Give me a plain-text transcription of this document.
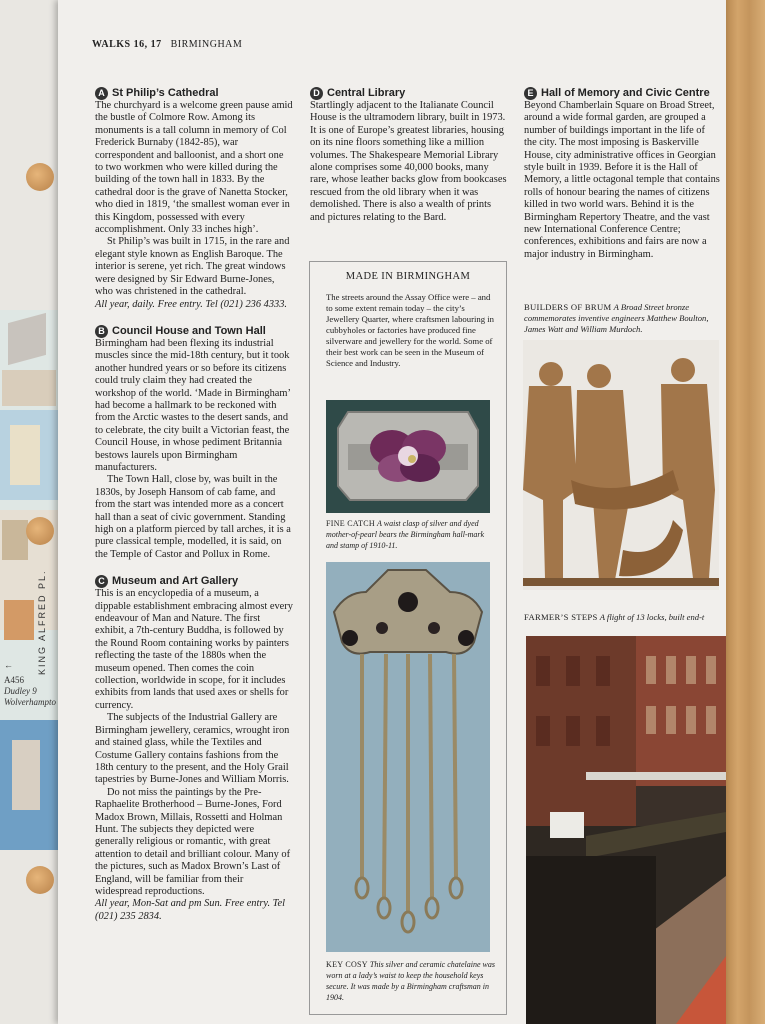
KING ALFRED PL.
←
A456
Dudley 9
Wolverhampto
WALKS 16, 17 BIRMINGHAM
A St Philip’s Cathedral

The churchyard is a welcome green pause amid the bustle of Colmore Row. Among its monuments is a tall column in memory of Col Frederick Burnaby (1842-85), war correspondent and balloonist, and a short one to two workmen who were killed during the building of the town hall in 1833. By the cathedral door is the grave of Nanetta Stocker, who died in 1819, ‘the smallest woman ever in this Kingdom, possessed with every accomplishment. Only 33 inches high’.

St Philip’s was built in 1715, in the rare and elegant style known as English Baroque. The interior is serene, yet rich. The great windows were designed by Sir Edward Burne-Jones, who was christened in the cathedral.

All year, daily. Free entry. Tel (021) 236 4333.

B Council House and Town Hall

Birmingham had been flexing its industrial muscles since the mid-18th century, but it took another hundred years or so before its citizens could truly claim they had created the workshop of the world. ‘Made in Birmingham’ had become a hallmark to be reckoned with from the Arctic wastes to the desert sands, and to celebrate, the city built a Victorian feast, the Council House, in whose pediment Britannia bestows laurels upon Birmingham manufacturers.

The Town Hall, close by, was built in the 1830s, by Joseph Hansom of cab fame, and from the start was intended more as a concert hall than a seat of civic government. Standing high on a platform pierced by tall arches, it is a pure classical temple, modelled, it is said, on the Temple of Castor and Pollux in Rome.

C Museum and Art Gallery

This is an encyclopedia of a museum, a dippable establishment embracing almost every endeavour of Man and Nature. The first exhibit, a 7th-century Buddha, is followed by the Round Room containing works by painters reflecting the taste of the 1880s when the museum opened. Then comes the coin collection, worldwide in scope, for it includes exhibits from lands that used axes or shells for currency.

The subjects of the Industrial Gallery are Birmingham jewellery, ceramics, wrought iron and stained glass, while the Textiles and Costume Gallery contains fashions from the 18th century to the present, and the Holy Grail tapestries by Burne-Jones and William Morris.

Do not miss the paintings by the Pre-Raphaelite Brotherhood – Burne-Jones, Ford Madox Brown, Millais, Rossetti and Holman Hunt. The subjects they depicted were generally religious or romantic, with great attention to detail and brilliant colour. Many of the pictures, such as Madox Brown’s Last of England, will be familiar from their widespread reproductions.

All year, Mon-Sat and pm Sun. Free entry. Tel (021) 235 2834.

D Central Library

Startlingly adjacent to the Italianate Council House is the ultramodern library, built in 1973. It is one of Europe’s greatest libraries, housing on its nine floors something like a million volumes. The Shakespeare Memorial Library alone comprises some 40,000 books, many rare, whose leather backs glow from bookcases rescued from the old library when it was demolished. There is also a wealth of prints and pictures relating to the Bard.

MADE IN BIRMINGHAM
The streets around the Assay Office were – and to some extent remain today – the city’s Jewellery Quarter, where craftsmen labouring in cubbyholes or factories have produced fine silverware and jewellery for the world. Some of their best work can be seen in the Museum of Science and Industry.
FINE CATCH A waist clasp of silver and dyed mother-of-pearl bears the Birmingham hall-mark and stamp of 1910-11.
KEY COSY This silver and ceramic chatelaine was worn at a lady’s waist to keep the household keys secure. It was made by a Birmingham craftsman in 1904.
E Hall of Memory and Civic Centre

Beyond Chamberlain Square on Broad Street, around a wide formal garden, are grouped a number of buildings important in the life of the city. The most imposing is Baskerville House, city administrative offices in Georgian style built in 1939. Before it is the Hall of Memory, a little octagonal temple that contains rolls of honour bearing the names of citizens killed in two world wars. Behind it is the Birmingham Repertory Theatre, and the vast new International Conference Centre; conferences, exhibitions and fairs are now a major industry in Birmingham.

BUILDERS OF BRUM A Broad Street bronze commemorates inventive engineers Matthew Boulton, James Watt and William Murdoch.
FARMER’S STEPS A flight of 13 locks, built end-t
